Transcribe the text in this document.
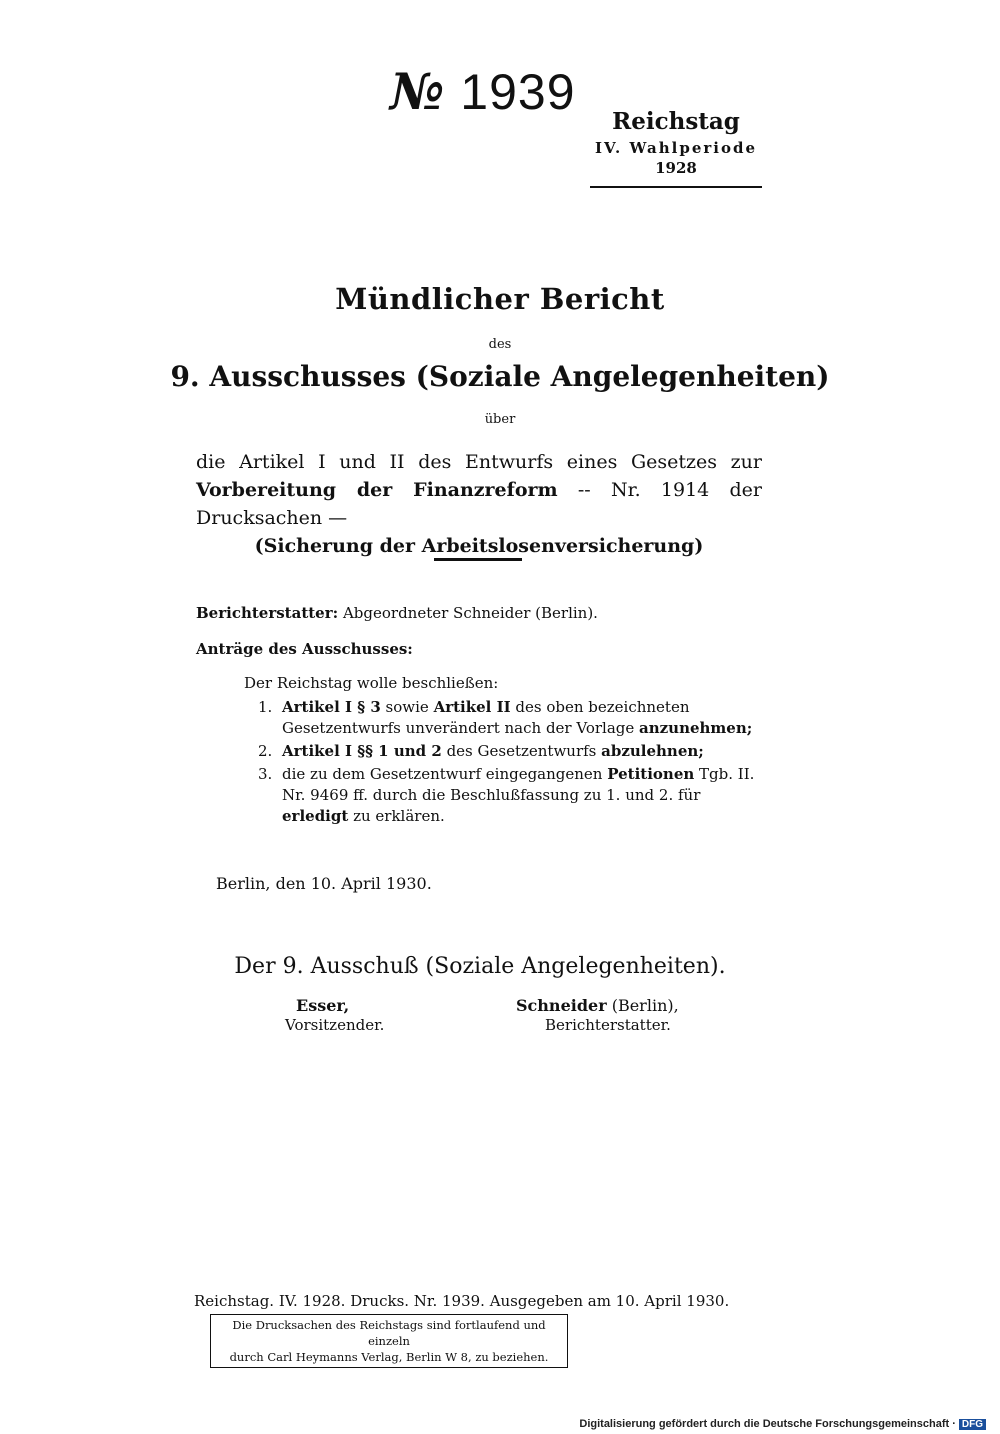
№ 1939
Reichstag
IV. Wahlperiode
1928
Mündlicher Bericht
des
9. Ausschusses (Soziale Angelegenheiten)
über
die Artikel I und II des Entwurfs eines Gesetzes zur Vorbereitung der Finanzreform -- Nr. 1914 der Drucksachen —
(Sicherung der Arbeitslosenversicherung)
Berichterstatter: Abgeordneter Schneider (Berlin).
Anträge des Ausschusses:
Der Reichstag wolle beschließen:
1. Artikel I § 3 sowie Artikel II des oben bezeichneten Gesetzentwurfs unverändert nach der Vorlage anzunehmen;
2. Artikel I §§ 1 und 2 des Gesetzentwurfs abzulehnen;
3. die zu dem Gesetzentwurf eingegangenen Petitionen Tgb. II. Nr. 9469 ff. durch die Beschlußfassung zu 1. und 2. für erledigt zu erklären.
Berlin, den 10. April 1930.
Der 9. Ausschuß (Soziale Angelegenheiten).
Esser,
Vorsitzender.
Schneider (Berlin),
Berichterstatter.
Reichstag. IV. 1928. Drucks. Nr. 1939. Ausgegeben am 10. April 1930.
Die Drucksachen des Reichstags sind fortlaufend und einzeln
durch Carl Heymanns Verlag, Berlin W 8, zu beziehen.
Digitalisierung gefördert durch die Deutsche Forschungsgemeinschaft · DFG
